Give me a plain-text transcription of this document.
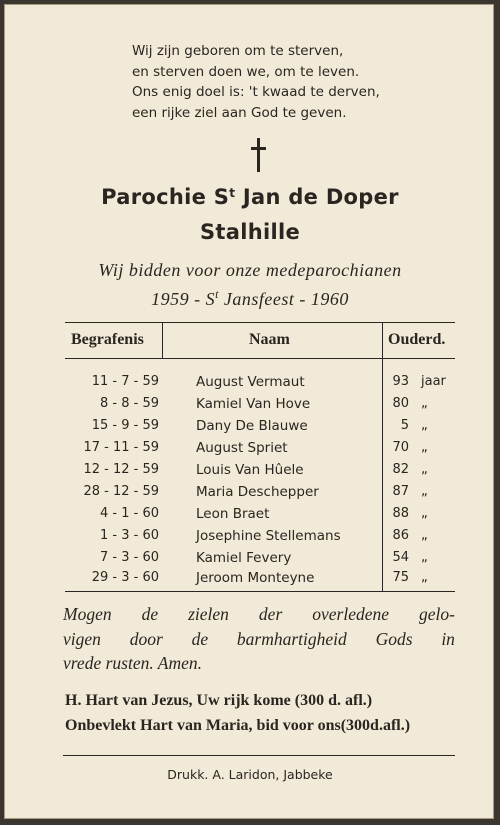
Wij zijn geboren om te sterven,
en sterven doen we, om te leven.
Ons enig doel is: 't kwaad te derven,
een rijke ziel aan God te geven.
Parochie $S^t$ Jan de Doper
Stalhille
Wij bidden voor onze medeparochianen
$1959 - S^t$ Jansfeest - 1960
Begrafenis	Naam	Ouderd.
11 - 7 - 59	August Vermaut	93 jaar
8 - 8 - 59	Kamiel Van Hove	80 „
15 - 9 - 59	Dany De Blauwe	5 „
17 - 11 - 59	August Spriet	70 „
12 - 12 - 59	Louis Van Hûele	82 „
28 - 12 - 59	Maria Deschepper	87 „
4 - 1 - 60	Leon Braet	88 „
1 - 3 - 60	Josephine Stellemans	86 „
7 - 3 - 60	Kamiel Fevery	54 „
29 - 3 - 60	Jeroom Monteyne	75 „
Mogen de zielen der overledene gelo-
vigen door de barmhartigheid Gods in
vrede rusten. Amen.
H. Hart van Jezus, Uw rijk kome (300 d. afl.)
Onbevlekt Hart van Maria, bid voor ons(300d.afl.)
Drukk. A. Laridon, Jabbeke
